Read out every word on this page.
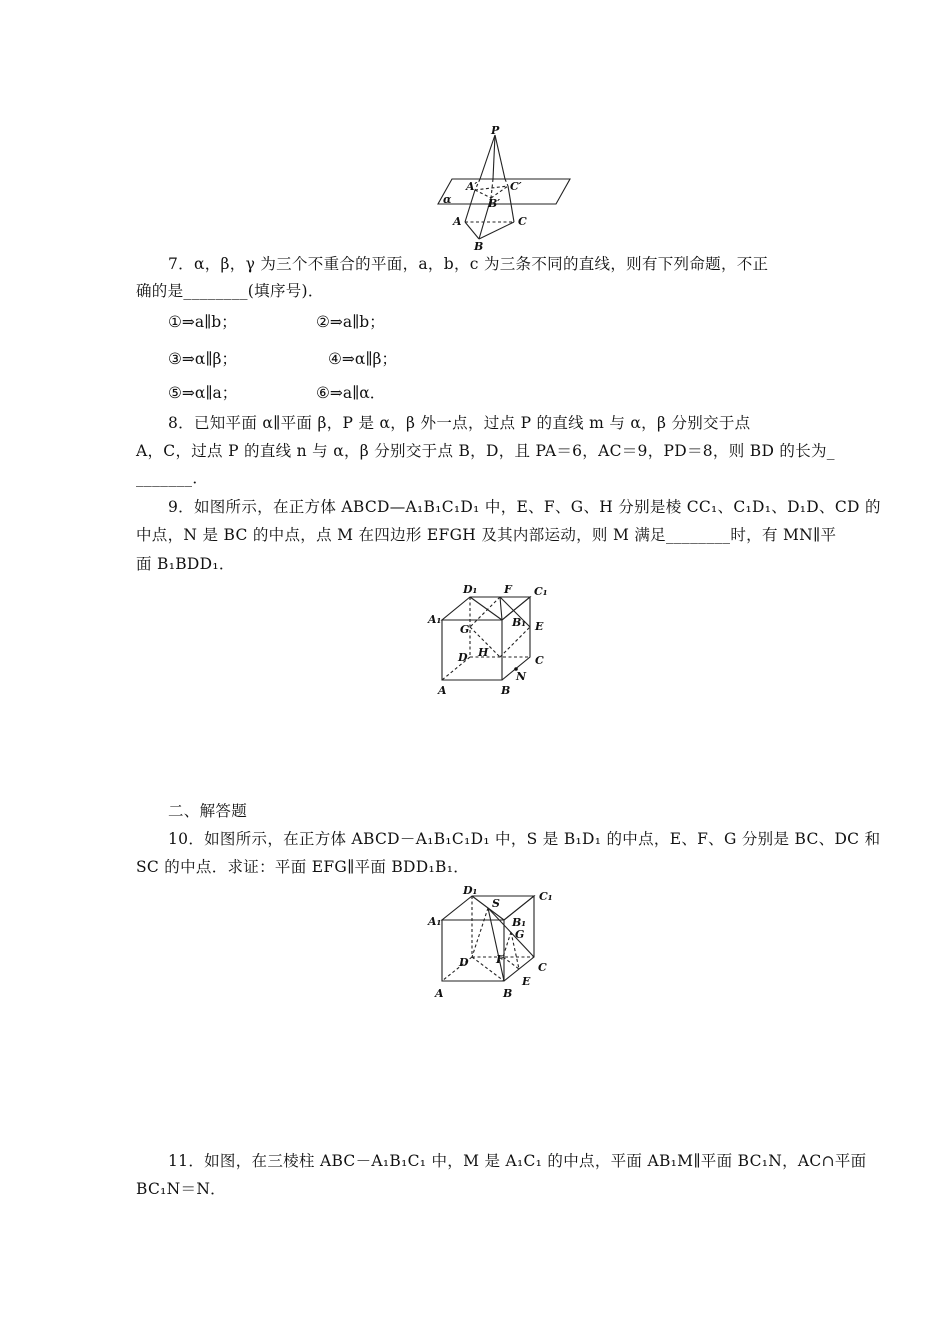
P
A′
B′
C′
α
A
B
C
7．α，β，γ 为三个不重合的平面，a，b，c 为三条不同的直线，则有下列命题，不正
确的是________(填序号)．
①⇒a∥b；	②⇒a∥b；
③⇒α∥β；	④⇒α∥β；
⑤⇒α∥a；	⑥⇒a∥α．
8．已知平面 α∥平面 β，P 是 α，β 外一点，过点 P 的直线 m 与 α，β 分别交于点
A，C，过点 P 的直线 n 与 α，β 分别交于点 B，D，且 PA＝6，AC＝9，PD＝8，则 BD 的长为_
_______．
9．如图所示，在正方体 ABCD—A₁B₁C₁D₁ 中，E、F、G、H 分别是棱 CC₁、C₁D₁、D₁D、CD 的
中点，N 是 BC 的中点，点 M 在四边形 EFGH 及其内部运动，则 M 满足________时，有 MN∥平
面 B₁BDD₁．
D₁ F C₁
A₁
G
B₁ E
H
D	C
N
A	B
二、解答题
10．如图所示，在正方体 ABCD－A₁B₁C₁D₁ 中，S 是 B₁D₁ 的中点，E、F、G 分别是 BC、DC 和
SC 的中点．求证：平面 EFG∥平面 BDD₁B₁．
D₁	C₁
S
A₁	B₁
G
D F
C
A	B
E
11．如图，在三棱柱 ABC－A₁B₁C₁ 中，M 是 A₁C₁ 的中点，平面 AB₁M∥平面 BC₁N，AC∩平面
BC₁N＝N．
